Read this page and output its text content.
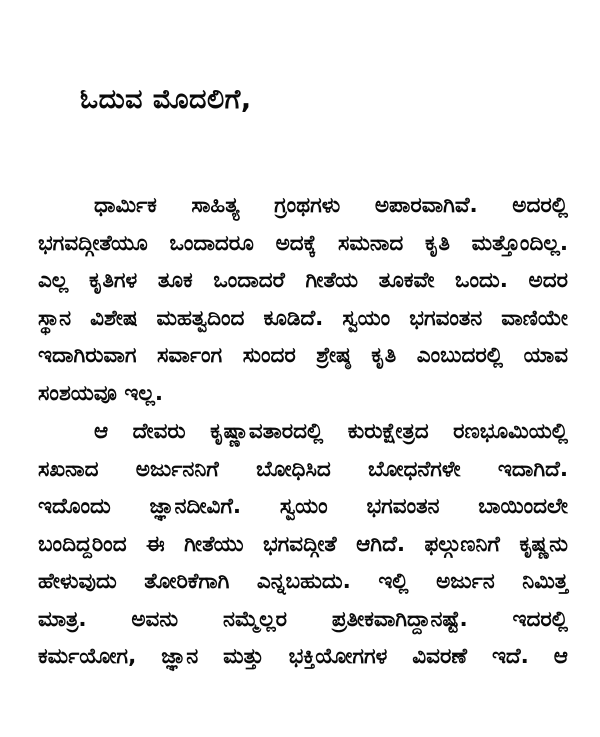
ಓದುವ ಮೊದಲಿಗೆ,
ಧಾರ್ಮಿಕ ಸಾಹಿತ್ಯ ಗ್ರಂಥಗಳು ಅಪಾರವಾಗಿವೆ. ಅದರಲ್ಲಿ
ಭಗವದ್ಗೀತೆಯೂ ಒಂದಾದರೂ ಅದಕ್ಕೆ ಸಮನಾದ ಕೃತಿ ಮತ್ತೊಂದಿಲ್ಲ.
ಎಲ್ಲ ಕೃತಿಗಳ ತೂಕ ಒಂದಾದರೆ ಗೀತೆಯ ತೂಕವೇ ಒಂದು. ಅದರ
ಸ್ಥಾನ ವಿಶೇಷ ಮಹತ್ವದಿಂದ ಕೂಡಿದೆ. ಸ್ವಯಂ ಭಗವಂತನ ವಾಣಿಯೇ
ಇದಾಗಿರುವಾಗ ಸರ್ವಾಂಗ ಸುಂದರ ಶ್ರೇಷ್ಠ ಕೃತಿ ಎಂಬುದರಲ್ಲಿ ಯಾವ
ಸಂಶಯವೂ ಇಲ್ಲ.
ಆ ದೇವರು ಕೃಷ್ಣಾವತಾರದಲ್ಲಿ ಕುರುಕ್ಷೇತ್ರದ ರಣಭೂಮಿಯಲ್ಲಿ
ಸಖನಾದ ಅರ್ಜುನನಿಗೆ ಬೋಧಿಸಿದ ಬೋಧನೆಗಳೇ ಇದಾಗಿದೆ.
ಇದೊಂದು ಜ್ಞಾನದೀವಿಗೆ. ಸ್ವಯಂ ಭಗವಂತನ ಬಾಯಿಂದಲೇ
ಬಂದಿದ್ದರಿಂದ ಈ ಗೀತೆಯು ಭಗವದ್ಗೀತೆ ಆಗಿದೆ. ಫಲ್ಗುಣನಿಗೆ ಕೃಷ್ಣನು
ಹೇಳುವುದು ತೋರಿಕೆಗಾಗಿ ಎನ್ನಬಹುದು. ಇಲ್ಲಿ ಅರ್ಜುನ ನಿಮಿತ್ತ
ಮಾತ್ರ. ಅವನು ನಮ್ಮೆಲ್ಲರ ಪ್ರತೀಕವಾಗಿದ್ದಾನಷ್ಟೆ. ಇದರಲ್ಲಿ
ಕರ್ಮಯೋಗ, ಜ್ಞಾನ ಮತ್ತು ಭಕ್ತಿಯೋಗಗಳ ವಿವರಣೆ ಇದೆ. ಆ
